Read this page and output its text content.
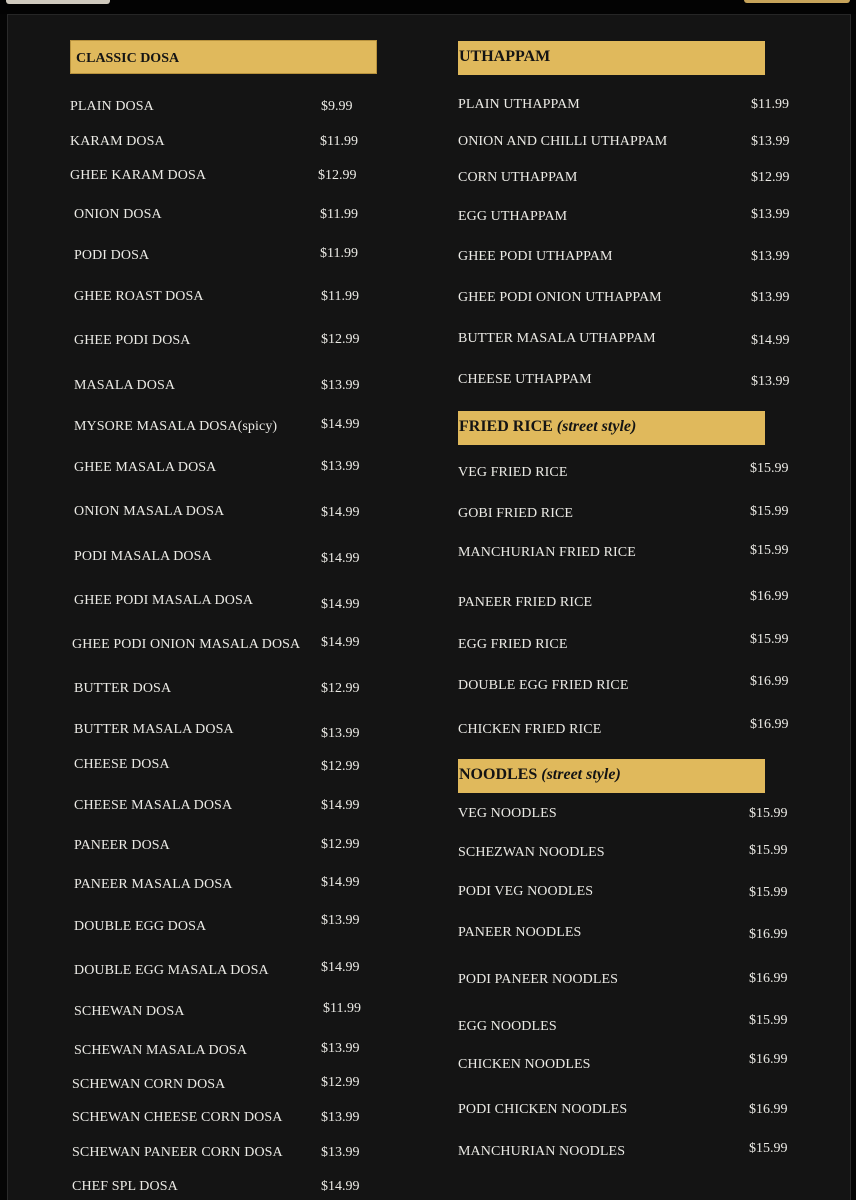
CLASSIC DOSA
PLAIN DOSA	$9.99
KARAM DOSA	$11.99
GHEE KARAM DOSA	$12.99
ONION DOSA	$11.99
PODI DOSA	$11.99
GHEE ROAST DOSA	$11.99
GHEE PODI DOSA	$12.99
MASALA DOSA	$13.99
MYSORE MASALA DOSA(spicy)	$14.99
GHEE MASALA DOSA	$13.99
ONION MASALA DOSA	$14.99
PODI MASALA DOSA	$14.99
GHEE PODI MASALA DOSA	$14.99
GHEE PODI ONION MASALA DOSA $14.99
BUTTER DOSA	$12.99
BUTTER MASALA DOSA	$13.99
CHEESE DOSA	$12.99
CHEESE MASALA DOSA	$14.99
PANEER DOSA	$12.99
PANEER MASALA DOSA	$14.99
DOUBLE EGG DOSA	$13.99
DOUBLE EGG MASALA DOSA	$14.99
SCHEWAN DOSA	$11.99
SCHEWAN MASALA DOSA	$13.99
SCHEWAN CORN DOSA	$12.99
SCHEWAN CHEESE CORN DOSA	$13.99
SCHEWAN PANEER CORN DOSA	$13.99
CHEF SPL DOSA	$14.99
UTHAPPAM
FRIED RICE (street style)
NOODLES (street style)
PLAIN UTHAPPAM	$11.99
ONION AND CHILLI UTHAPPAM	$13.99
CORN UTHAPPAM	$12.99
EGG UTHAPPAM	$13.99
GHEE PODI UTHAPPAM	$13.99
GHEE PODI ONION UTHAPPAM	$13.99
BUTTER MASALA UTHAPPAM	$14.99
CHEESE UTHAPPAM	$13.99
VEG FRIED RICE	$15.99
GOBI FRIED RICE	$15.99
MANCHURIAN FRIED RICE	$15.99
PANEER FRIED RICE	$16.99
EGG FRIED RICE	$15.99
DOUBLE EGG FRIED RICE	$16.99
CHICKEN FRIED RICE	$16.99
VEG NOODLES	$15.99
SCHEZWAN NOODLES	$15.99
PODI VEG NOODLES	$15.99
PANEER NOODLES	$16.99
PODI PANEER NOODLES	$16.99
EGG NOODLES	$15.99
CHICKEN NOODLES	$16.99
PODI CHICKEN NOODLES	$16.99
MANCHURIAN NOODLES	$15.99
